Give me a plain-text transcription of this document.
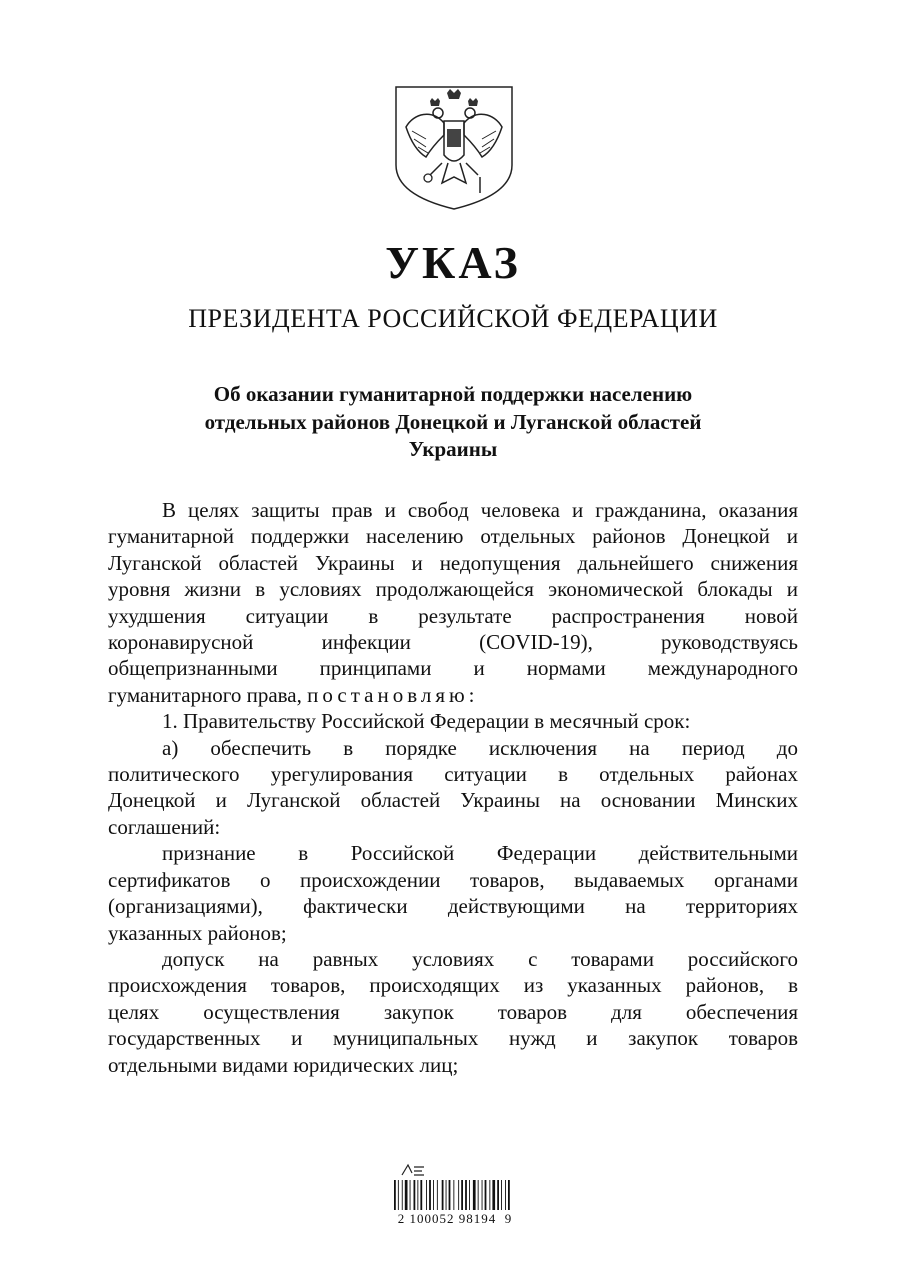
УКАЗ
ПРЕЗИДЕНТА РОССИЙСКОЙ ФЕДЕРАЦИИ
Об оказании гуманитарной поддержки населению
отдельных районов Донецкой и Луганской областей
Украины

В целях защиты прав и свобод человека и гражданина, оказания

гуманитарной поддержки населению отдельных районов Донецкой и

Луганской областей Украины и недопущения дальнейшего снижения

уровня жизни в условиях продолжающейся экономической блокады и

ухудшения ситуации в результате распространения новой

коронавирусной инфекции (COVID-19), руководствуясь

общепризнанными принципами и нормами международного

гуманитарного права, постановляю:

1. Правительству Российской Федерации в месячный срок:

а) обеспечить в порядке исключения на период до

политического урегулирования ситуации в отдельных районах

Донецкой и Луганской областей Украины на основании Минских

соглашений:

признание в Российской Федерации действительными

сертификатов о происхождении товаров, выдаваемых органами

(организациями), фактически действующими на территориях

указанных районов;

допуск на равных условиях с товарами российского

происхождения товаров, происходящих из указанных районов, в

целях осуществления закупок товаров для обеспечения

государственных и муниципальных нужд и закупок товаров

отдельными видами юридических лиц;

2 100052 98194  9
